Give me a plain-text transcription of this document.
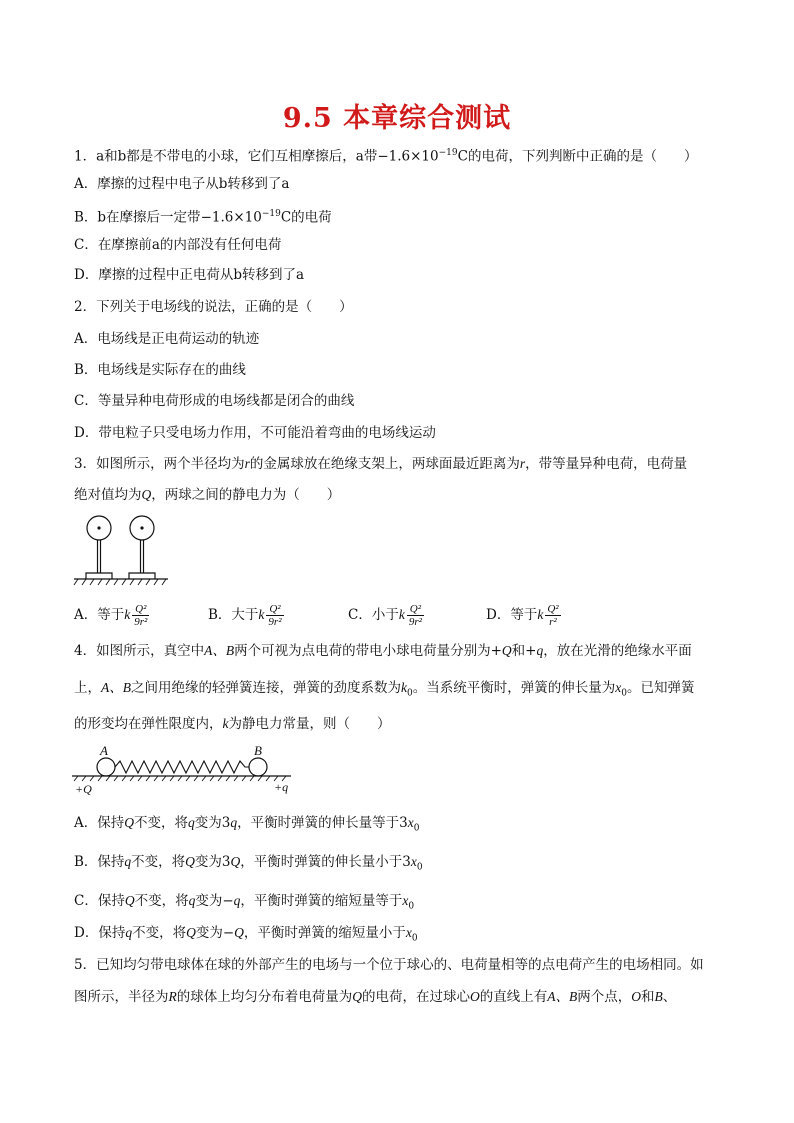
9.5 本章综合测试
1．a和b都是不带电的小球，它们互相摩擦后，a带$-1.6\times 10^{-19}C$的电荷，下列判断中正确的是（　　）
A．摩擦的过程中电子从b转移到了a
B．b在摩擦后一定带$-1.6\times 10^{-19}C$的电荷
C．在摩擦前a的内部没有任何电荷
D．摩擦的过程中正电荷从b转移到了a
2．下列关于电场线的说法，正确的是（　　）
A．电场线是正电荷运动的轨迹
B．电场线是实际存在的曲线
C．等量异种电荷形成的电场线都是闭合的曲线
D．带电粒子只受电场力作用，不可能沿着弯曲的电场线运动
3．如图所示，两个半径均为r的金属球放在绝缘支架上，两球面最近距离为r，带等量异种电荷，电荷量
绝对值均为Q，两球之间的静电力为（　　）
A．等于k $\frac{\text{Q²}}{\text{9r²}}$	B．大于k $\frac{\text{Q²}}{\text{9r²}}$	C．小于k $\frac{\text{Q²}}{\text{9r²}}$	D．等于k $\frac{\text{Q²}}{\text{r²}}$
4．如图所示，真空中A、B两个可视为点电荷的带电小球电荷量分别为+Q和+q，放在光滑的绝缘水平面
上，A、B之间用绝缘的轻弹簧连接，弹簧的劲度系数为$k_0$。当系统平衡时，弹簧的伸长量为$x_0$。已知弹簧
的形变均在弹性限度内，k为静电力常量，则（　　）
A	B
+Q	+q
A．保持Q不变，将q变为3q，平衡时弹簧的伸长量等于$3x_0$
B．保持q不变，将Q变为3Q，平衡时弹簧的伸长量小于$3x_0$
C．保持Q不变，将q变为−q，平衡时弹簧的缩短量等于$x_0$
D．保持q不变，将Q变为−Q，平衡时弹簧的缩短量小于$x_0$
5．已知均匀带电球体在球的外部产生的电场与一个位于球心的、电荷量相等的点电荷产生的电场相同。如
图所示，半径为R的球体上均匀分布着电荷量为Q的电荷，在过球心O的直线上有A、B两个点，O和B、
